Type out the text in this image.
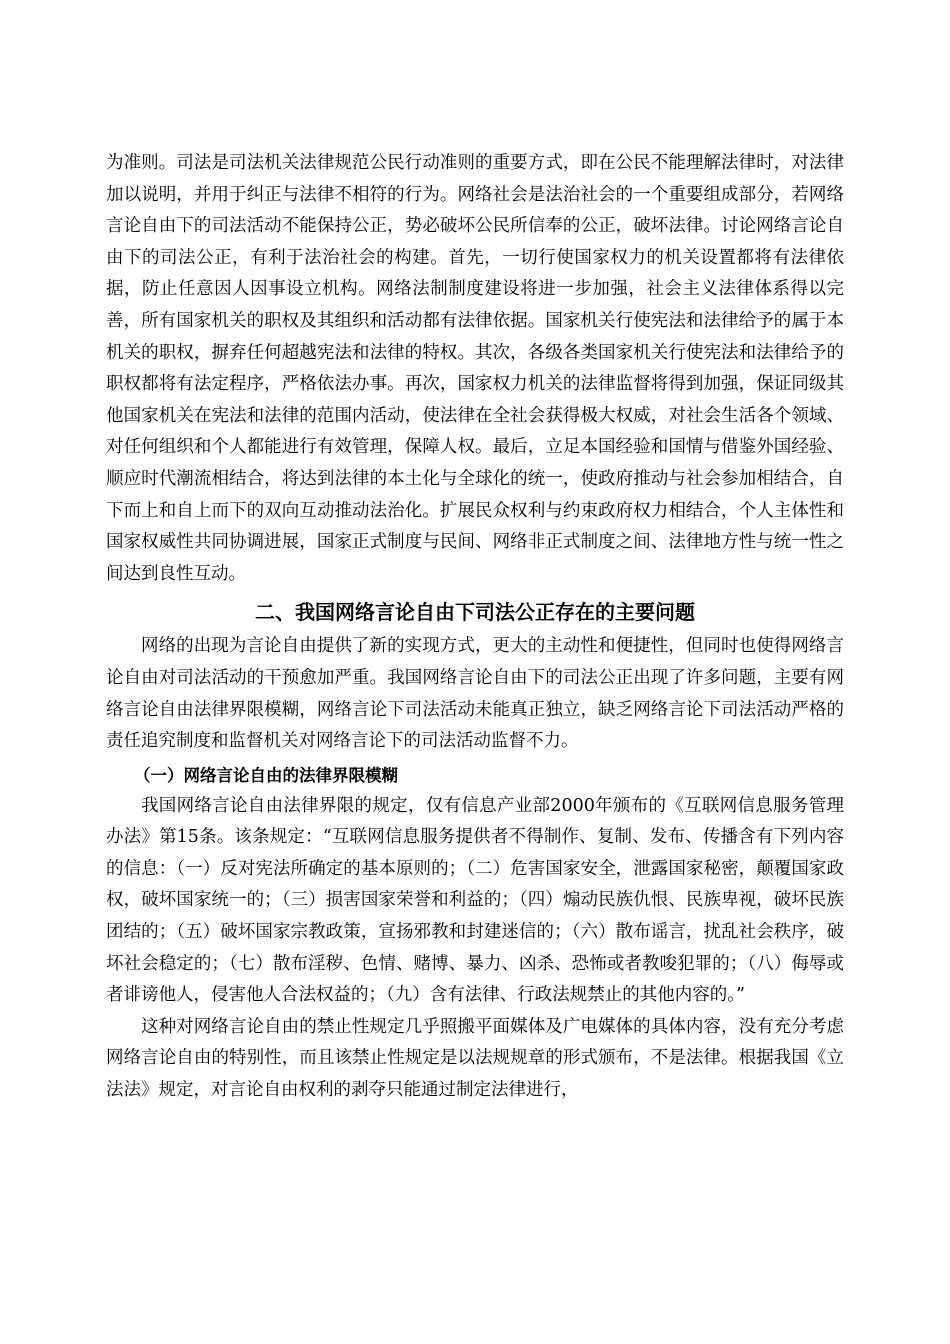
为准则。司法是司法机关法律规范公民行动准则的重要方式，即在公民不能理解法律时，对法律加以说明，并用于纠正与法律不相符的行为。网络社会是法治社会的一个重要组成部分，若网络言论自由下的司法活动不能保持公正，势必破坏公民所信奉的公正，破坏法律。讨论网络言论自由下的司法公正，有利于法治社会的构建。首先，一切行使国家权力的机关设置都将有法律依据，防止任意因人因事设立机构。网络法制制度建设将进一步加强，社会主义法律体系得以完善，所有国家机关的职权及其组织和活动都有法律依据。国家机关行使宪法和法律给予的属于本机关的职权，摒弃任何超越宪法和法律的特权。其次，各级各类国家机关行使宪法和法律给予的职权都将有法定程序，严格依法办事。再次，国家权力机关的法律监督将得到加强，保证同级其他国家机关在宪法和法律的范围内活动，使法律在全社会获得极大权威，对社会生活各个领域、对任何组织和个人都能进行有效管理，保障人权。最后，立足本国经验和国情与借鉴外国经验、顺应时代潮流相结合，将达到法律的本土化与全球化的统一，使政府推动与社会参加相结合，自下而上和自上而下的双向互动推动法治化。扩展民众权利与约束政府权力相结合，个人主体性和国家权威性共同协调进展，国家正式制度与民间、网络非正式制度之间、法律地方性与统一性之间达到良性互动。

二、我国网络言论自由下司法公正存在的主要问题

网络的出现为言论自由提供了新的实现方式，更大的主动性和便捷性，但同时也使得网络言论自由对司法活动的干预愈加严重。我国网络言论自由下的司法公正出现了许多问题，主要有网络言论自由法律界限模糊，网络言论下司法活动未能真正独立，缺乏网络言论下司法活动严格的责任追究制度和监督机关对网络言论下的司法活动监督不力。

（一）网络言论自由的法律界限模糊

我国网络言论自由法律界限的规定，仅有信息产业部2000年颁布的《互联网信息服务管理办法》第15条。该条规定：“互联网信息服务提供者不得制作、复制、发布、传播含有下列内容的信息：（一）反对宪法所确定的基本原则的；（二）危害国家安全，泄露国家秘密，颠覆国家政权，破坏国家统一的；（三）损害国家荣誉和利益的；（四）煽动民族仇恨、民族卑视，破坏民族团结的；（五）破坏国家宗教政策，宣扬邪教和封建迷信的；（六）散布谣言，扰乱社会秩序，破坏社会稳定的；（七）散布淫秽、色情、赌博、暴力、凶杀、恐怖或者教唆犯罪的；（八）侮辱或者诽谤他人，侵害他人合法权益的；（九）含有法律、行政法规禁止的其他内容的。”

这种对网络言论自由的禁止性规定几乎照搬平面媒体及广电媒体的具体内容，没有充分考虑网络言论自由的特别性，而且该禁止性规定是以法规规章的形式颁布，不是法律。根据我国《立法法》规定，对言论自由权利的剥夺只能通过制定法律进行，
